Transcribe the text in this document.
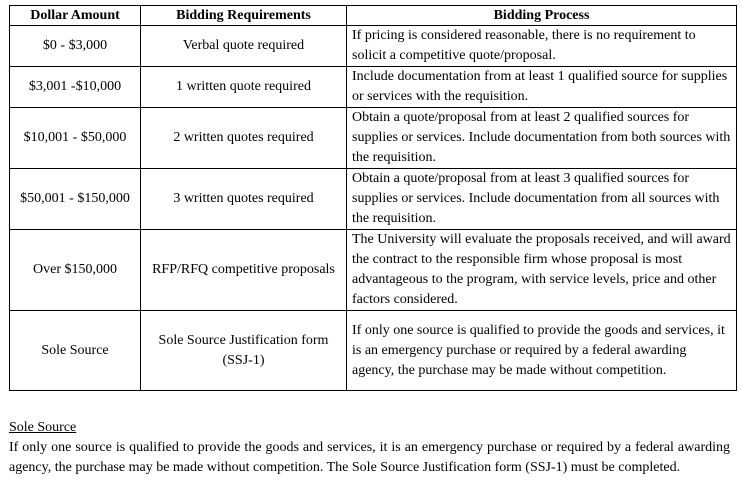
Dollar Amount	Bidding Requirements	Bidding Process
$0 - $3,000	Verbal quote required	If pricing is considered reasonable, there is no requirement to solicit a competitive quote/proposal.
$3,001 -$10,000	1 written quote required	Include documentation from at least 1 qualified source for supplies or services with the requisition.
$10,001 - $50,000	2 written quotes required	Obtain a quote/proposal from at least 2 qualified sources for supplies or services. Include documentation from both sources with the requisition.
$50,001 - $150,000	3 written quotes required	Obtain a quote/proposal from at least 3 qualified sources for supplies or services. Include documentation from all sources with the requisition.
Over $150,000	RFP/RFQ competitive proposals	The University will evaluate the proposals received, and will award the contract to the responsible firm whose proposal is most advantageous to the program, with service levels, price and other factors considered.
Sole Source	Sole Source Justification form (SSJ-1)	If only one source is qualified to provide the goods and services, it is an emergency purchase or required by a federal awarding agency, the purchase may be made without competition.
Sole Source
If only one source is qualified to provide the goods and services, it is an emergency purchase or required by a federal awarding agency, the purchase may be made without competition. The Sole Source Justification form (SSJ-1) must be completed.
